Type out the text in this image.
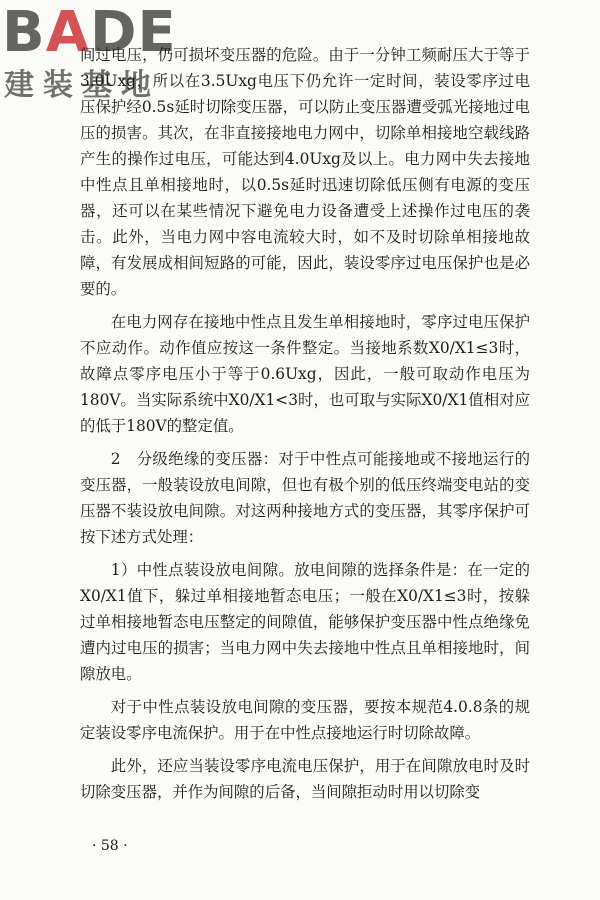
BADE
建装基地

间过电压，仍可损坏变压器的危险。由于一分钟工频耐压大于等于3.0Uxg，所以在3.5Uxg电压下仍允许一定时间，装设零序过电压保护经0.5s延时切除变压器，可以防止变压器遭受弧光接地过电压的损害。其次，在非直接接地电力网中，切除单相接地空载线路产生的操作过电压，可能达到4.0Uxg及以上。电力网中失去接地中性点且单相接地时，以0.5s延时迅速切除低压侧有电源的变压器，还可以在某些情况下避免电力设备遭受上述操作过电压的袭击。此外，当电力网中容电流较大时，如不及时切除单相接地故障，有发展成相间短路的可能，因此，装设零序过电压保护也是必要的。

在电力网存在接地中性点且发生单相接地时，零序过电压保护不应动作。动作值应按这一条件整定。当接地系数X0/X1≤3时，故障点零序电压小于等于0.6Uxg，因此，一般可取动作电压为180V。当实际系统中X0/X1<3时，也可取与实际X0/X1值相对应的低于180V的整定值。

2　分级绝缘的变压器：对于中性点可能接地或不接地运行的变压器，一般装设放电间隙，但也有极个别的低压终端变电站的变压器不装设放电间隙。对这两种接地方式的变压器，其零序保护可按下述方式处理：

1）中性点装设放电间隙。放电间隙的选择条件是：在一定的X0/X1值下，躲过单相接地暂态电压；一般在X0/X1≤3时，按躲过单相接地暂态电压整定的间隙值，能够保护变压器中性点绝缘免遭内过电压的损害；当电力网中失去接地中性点且单相接地时，间隙放电。

对于中性点装设放电间隙的变压器，要按本规范4.0.8条的规定装设零序电流保护。用于在中性点接地运行时切除故障。

此外，还应当装设零序电流电压保护，用于在间隙放电时及时切除变压器，并作为间隙的后备，当间隙拒动时用以切除变

· 58 ·
